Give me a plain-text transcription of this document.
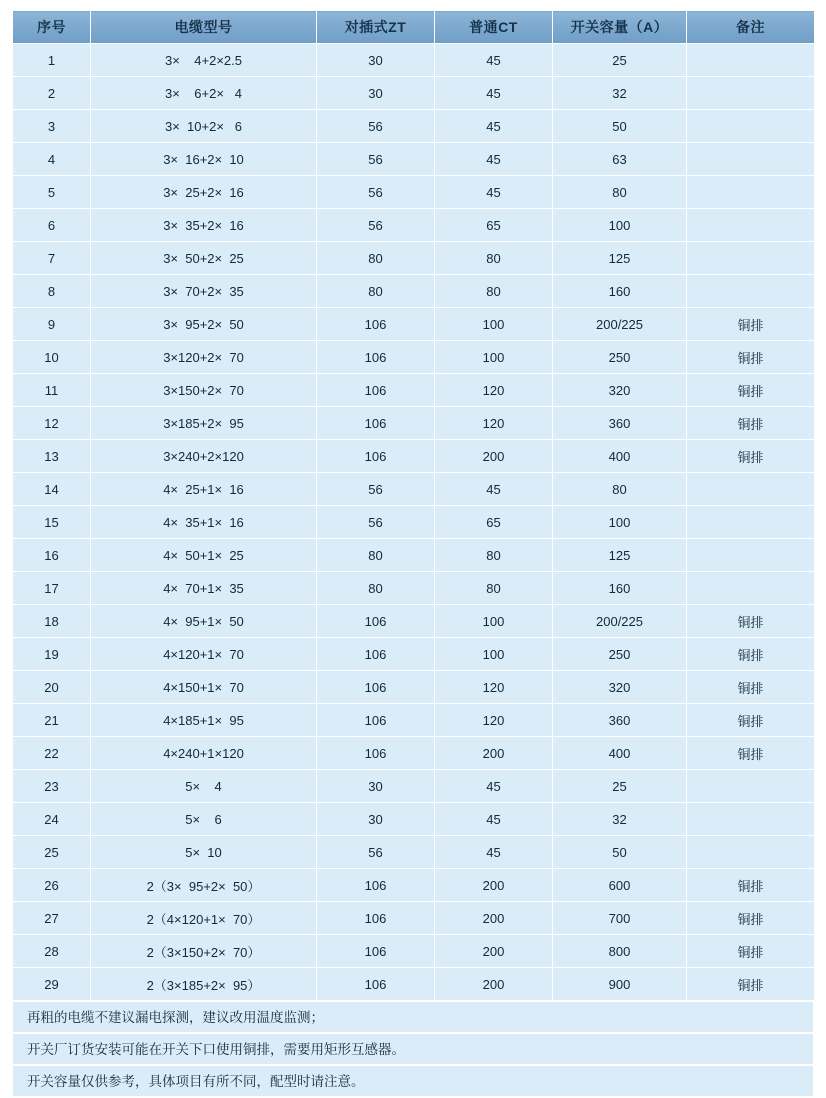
序号	电缆型号	对插式ZT	普通CT	开关容量（A）	备注
1	3×    4+2×2.5	30	45	25	
2	3×    6+2×   4	30	45	32	
3	3×  10+2×   6	56	45	50	
4	3×  16+2×  10	56	45	63	
5	3×  25+2×  16	56	45	80	
6	3×  35+2×  16	56	65	100	
7	3×  50+2×  25	80	80	125	
8	3×  70+2×  35	80	80	160	
9	3×  95+2×  50	106	100	200/225	铜排
10	3×120+2×  70	106	100	250	铜排
11	3×150+2×  70	106	120	320	铜排
12	3×185+2×  95	106	120	360	铜排
13	3×240+2×120	106	200	400	铜排
14	4×  25+1×  16	56	45	80	
15	4×  35+1×  16	56	65	100	
16	4×  50+1×  25	80	80	125	
17	4×  70+1×  35	80	80	160	
18	4×  95+1×  50	106	100	200/225	铜排
19	4×120+1×  70	106	100	250	铜排
20	4×150+1×  70	106	120	320	铜排
21	4×185+1×  95	106	120	360	铜排
22	4×240+1×120	106	200	400	铜排
23	5×    4	30	45	25	
24	5×    6	30	45	32	
25	5×  10	56	45	50	
26	2（3×  95+2×  50）	106	200	600	铜排
27	2（4×120+1×  70）	106	200	700	铜排
28	2（3×150+2×  70）	106	200	800	铜排
29	2（3×185+2×  95）	106	200	900	铜排
再粗的电缆不建议漏电探测，建议改用温度监测；
开关厂订货安装可能在开关下口使用铜排，需要用矩形互感器。
开关容量仅供参考，具体项目有所不同，配型时请注意。
